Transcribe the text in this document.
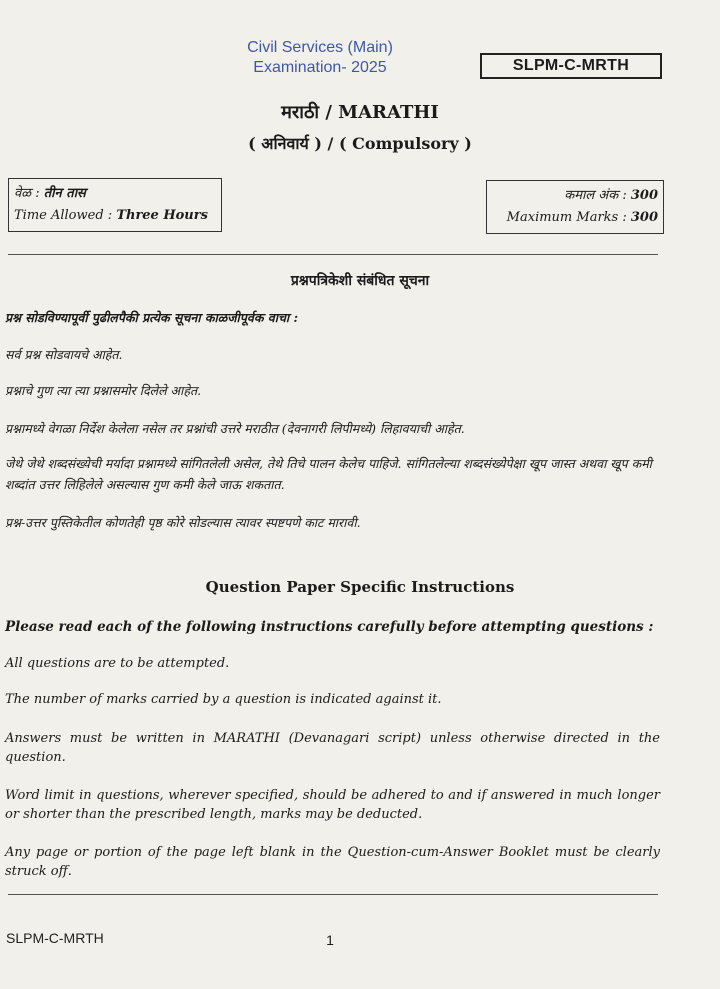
Civil Services (Main)
Examination- 2025	SLPM-C-MRTH
मराठी / MARATHI
( अनिवार्य ) / ( Compulsory )
वेळ : तीन तास
Time Allowed : Three Hours
कमाल अंक : 300
Maximum Marks : 300
प्रश्नपत्रिकेशी संबंधित सूचना
प्रश्न सोडविण्यापूर्वी पुढीलपैकी प्रत्येक सूचना काळजीपूर्वक वाचा :
सर्व प्रश्न सोडवायचे आहेत.
प्रश्नाचे गुण त्या त्या प्रश्नासमोर दिलेले आहेत.
प्रश्नामध्ये वेगळा निर्देश केलेला नसेल तर प्रश्नांची उत्तरे मराठीत (देवनागरी लिपीमध्ये) लिहावयाची आहेत.
जेथे जेथे शब्दसंख्येची मर्यादा प्रश्नामध्ये सांगितलेली असेल, तेथे तिचे पालन केलेच पाहिजे. सांगितलेल्या शब्दसंख्येपेक्षा खूप जास्त अथवा खूप कमी शब्दांत उत्तर लिहिलेले असल्यास गुण कमी केले जाऊ शकतात.
प्रश्न-उत्तर पुस्तिकेतील कोणतेही पृष्ठ कोरे सोडल्यास त्यावर स्पष्टपणे काट मारावी.
Question Paper Specific Instructions
Please read each of the following instructions carefully before attempting questions :
All questions are to be attempted.
The number of marks carried by a question is indicated against it.
Answers must be written in MARATHI (Devanagari script) unless otherwise directed in the question.
Word limit in questions, wherever specified, should be adhered to and if answered in much longer or shorter than the prescribed length, marks may be deducted.
Any page or portion of the page left blank in the Question-cum-Answer Booklet must be clearly struck off.
SLPM-C-MRTH	1
